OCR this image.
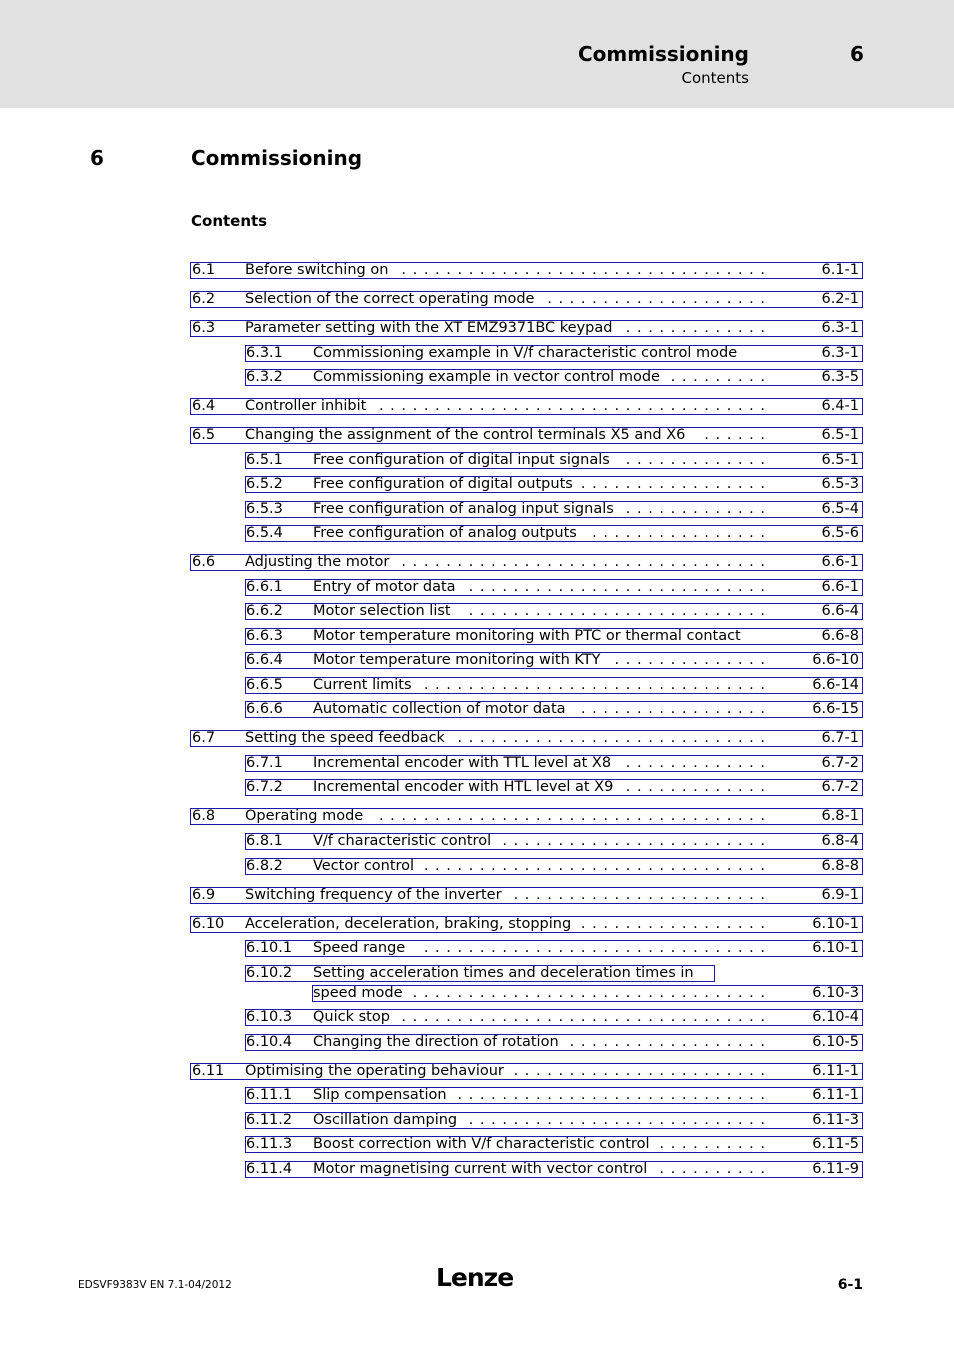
Commissioning	6
Contents
6	Commissioning
Contents
6.1 Before switching on	6.1-1
. . . . . . . . . . . . . . . . . . . . . . . . . . . . . . . . .
6.2 Selection of the correct operating mode	6.2-1
. . . . . . . . . . . . . . . . . . . .
6.3 Parameter setting with the XT EMZ9371BC keypad	6.3-1
. . . . . . . . . . . . .
6.3.1 Commissioning example in V/f characteristic control mode	6.3-1
6.3.2 Commissioning example in vector control mode	6.3-5
. . . . . . . . .
6.4 Controller inhibit	6.4-1
. . . . . . . . . . . . . . . . . . . . . . . . . . . . . . . . . . .
6.5 Changing the assignment of the control terminals X5 and X6	6.5-1
. . . . . .
6.5.1 Free configuration of digital input signals	6.5-1
. . . . . . . . . . . . .
6.5.2 Free configuration of digital outputs	6.5-3
. . . . . . . . . . . . . . . . .
6.5.3 Free configuration of analog input signals	6.5-4
. . . . . . . . . . . . .
6.5.4 Free configuration of analog outputs	6.5-6
. . . . . . . . . . . . . . . .
6.6 Adjusting the motor	6.6-1
. . . . . . . . . . . . . . . . . . . . . . . . . . . . . . . . .
6.6.1 Entry of motor data	6.6-1
. . . . . . . . . . . . . . . . . . . . . . . . . . .
6.6.2 Motor selection list	6.6-4
. . . . . . . . . . . . . . . . . . . . . . . . . . .
6.6.3 Motor temperature monitoring with PTC or thermal contact	6.6-8
6.6.4 Motor temperature monitoring with KTY	6.6-10
. . . . . . . . . . . . . .
6.6.5 Current limits	6.6-14
. . . . . . . . . . . . . . . . . . . . . . . . . . . . . . .
6.6.6 Automatic collection of motor data	6.6-15
. . . . . . . . . . . . . . . . .
6.7 Setting the speed feedback	6.7-1
. . . . . . . . . . . . . . . . . . . . . . . . . . . .
6.7.1 Incremental encoder with TTL level at X8	6.7-2
. . . . . . . . . . . . .
6.7.2 Incremental encoder with HTL level at X9	6.7-2
. . . . . . . . . . . . .
6.8 Operating mode	6.8-1
. . . . . . . . . . . . . . . . . . . . . . . . . . . . . . . . . . .
6.8.1 V/f characteristic control	6.8-4
. . . . . . . . . . . . . . . . . . . . . . . .
6.8.2 Vector control	6.8-8
. . . . . . . . . . . . . . . . . . . . . . . . . . . . . . .
6.9 Switching frequency of the inverter	6.9-1
. . . . . . . . . . . . . . . . . . . . . . .
6.10 Acceleration, deceleration, braking, stopping	6.10-1
. . . . . . . . . . . . . . . . .
6.10.1 Speed range	6.10-1
. . . . . . . . . . . . . . . . . . . . . . . . . . . . . . .
6.10.2 Setting acceleration times and deceleration times in
speed mode	6.10-3
. . . . . . . . . . . . . . . . . . . . . . . . . . . . . . . .
6.10.3 Quick stop	6.10-4
. . . . . . . . . . . . . . . . . . . . . . . . . . . . . . . . .
6.10.4 Changing the direction of rotation	6.10-5
. . . . . . . . . . . . . . . . . .
6.11 Optimising the operating behaviour	6.11-1
. . . . . . . . . . . . . . . . . . . . . . .
6.11.1 Slip compensation	6.11-1
. . . . . . . . . . . . . . . . . . . . . . . . . . . .
6.11.2 Oscillation damping	6.11-3
. . . . . . . . . . . . . . . . . . . . . . . . . . .
6.11.3 Boost correction with V/f characteristic control	6.11-5
. . . . . . . . . .
6.11.4 Motor magnetising current with vector control	6.11-9
. . . . . . . . . .
EDSVF9383V EN 7.1-04/2012	Lenze	6-1
